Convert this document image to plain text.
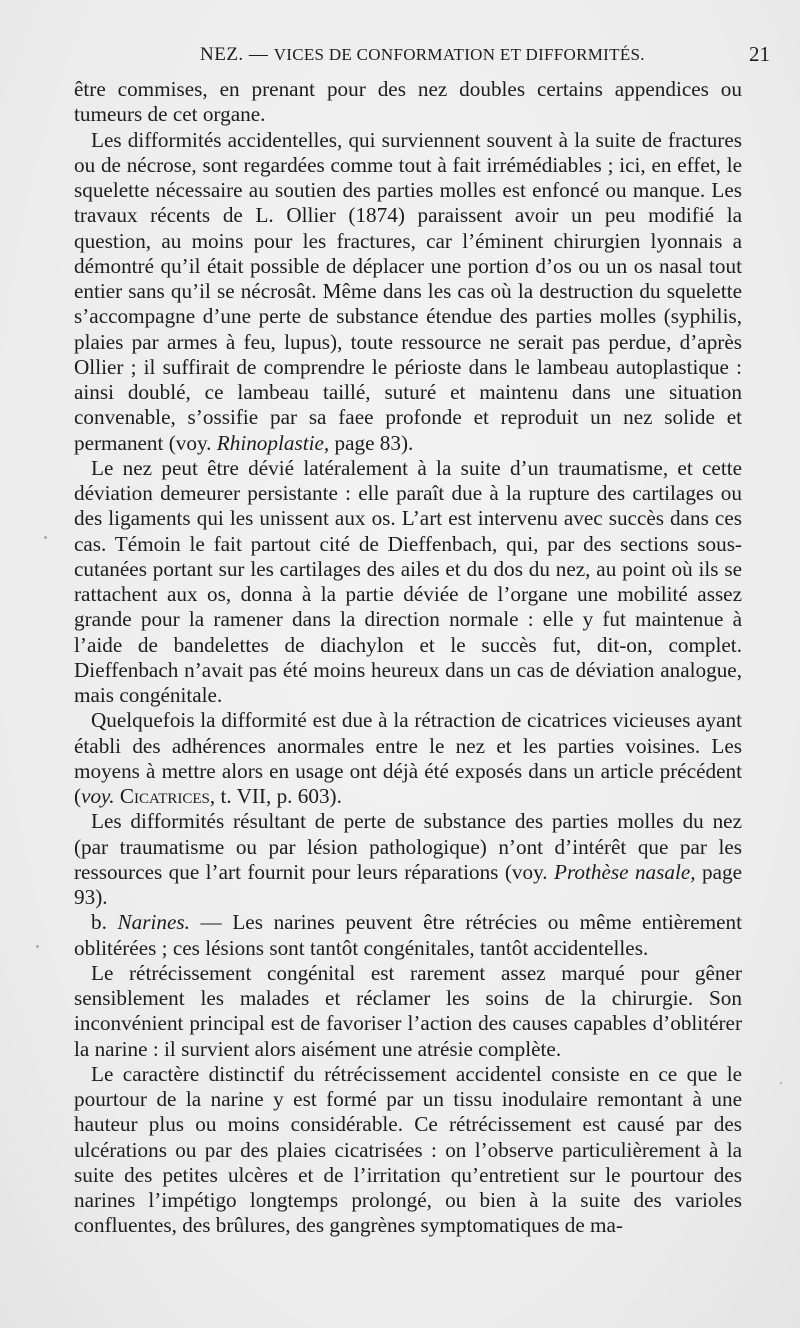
NEZ. — VICES DE CONFORMATION ET DIFFORMITÉS.	21

être commises, en prenant pour des nez doubles certains appendices ou tumeurs de cet organe.

Les difformités accidentelles, qui surviennent souvent à la suite de fractures ou de nécrose, sont regardées comme tout à fait irrémédiables ; ici, en effet, le squelette nécessaire au soutien des parties molles est enfoncé ou manque. Les travaux récents de L. Ollier (1874) paraissent avoir un peu modifié la question, au moins pour les fractures, car l’éminent chirurgien lyonnais a démontré qu’il était possible de déplacer une portion d’os ou un os nasal tout entier sans qu’il se nécrosât. Même dans les cas où la destruction du squelette s’accompagne d’une perte de substance étendue des parties molles (syphilis, plaies par armes à feu, lupus), toute ressource ne serait pas perdue, d’après Ollier ; il suffirait de comprendre le périoste dans le lambeau autoplastique : ainsi doublé, ce lambeau taillé, suturé et maintenu dans une situation convenable, s’ossifie par sa faee profonde et reproduit un nez solide et permanent (voy. Rhinoplastie, page 83).

Le nez peut être dévié latéralement à la suite d’un traumatisme, et cette déviation demeurer persistante : elle paraît due à la rupture des cartilages ou des ligaments qui les unissent aux os. L’art est intervenu avec succès dans ces cas. Témoin le fait partout cité de Dieffenbach, qui, par des sections sous-cutanées portant sur les cartilages des ailes et du dos du nez, au point où ils se rattachent aux os, donna à la partie déviée de l’organe une mobilité assez grande pour la ramener dans la direction normale : elle y fut maintenue à l’aide de bandelettes de diachylon et le succès fut, dit-on, complet. Dieffenbach n’avait pas été moins heureux dans un cas de déviation analogue, mais congénitale.

Quelquefois la difformité est due à la rétraction de cicatrices vicieuses ayant établi des adhérences anormales entre le nez et les parties voisines. Les moyens à mettre alors en usage ont déjà été exposés dans un article précédent (voy. Cicatrices, t. VII, p. 603).

Les difformités résultant de perte de substance des parties molles du nez (par traumatisme ou par lésion pathologique) n’ont d’intérêt que par les ressources que l’art fournit pour leurs réparations (voy. Prothèse nasale, page 93).

b. Narines. — Les narines peuvent être rétrécies ou même entièrement oblitérées ; ces lésions sont tantôt congénitales, tantôt accidentelles.

Le rétrécissement congénital est rarement assez marqué pour gêner sensiblement les malades et réclamer les soins de la chirurgie. Son inconvénient principal est de favoriser l’action des causes capables d’oblitérer la narine : il survient alors aisément une atrésie complète.

Le caractère distinctif du rétrécissement accidentel consiste en ce que le pourtour de la narine y est formé par un tissu inodulaire remontant à une hauteur plus ou moins considérable. Ce rétrécissement est causé par des ulcérations ou par des plaies cicatrisées : on l’observe particulièrement à la suite des petites ulcères et de l’irritation qu’entretient sur le pourtour des narines l’impétigo longtemps prolongé, ou bien à la suite des varioles confluentes, des brûlures, des gangrènes symptomatiques de ma-
